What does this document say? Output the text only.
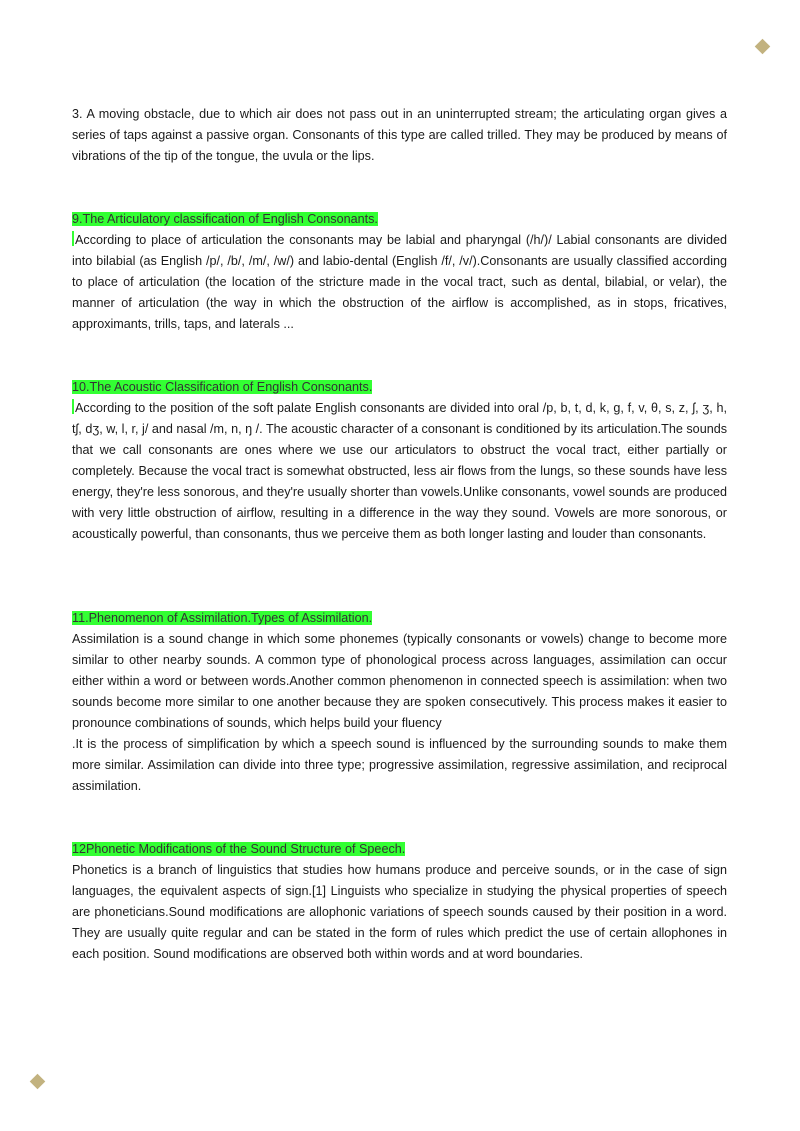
3. A moving obstacle, due to which air does not pass out in an uninterrupted stream; the articulating organ gives a series of taps against a passive organ. Consonants of this type are called trilled. They may be produced by means of vibrations of the tip of the tongue, the uvula or the lips.

9.The Articulatory classification of English Consonants.

According to place of articulation the consonants may be labial and pharyngal (/h/)/ Labial consonants are divided into bilabial (as English /p/, /b/, /m/, /w/) and labio-dental (English /f/, /v/).Consonants are usually classified according to place of articulation (the location of the stricture made in the vocal tract, such as dental, bilabial, or velar), the manner of articulation (the way in which the obstruction of the airflow is accomplished, as in stops, fricatives, approximants, trills, taps, and laterals ...

10.The Acoustic Classification of English Consonants.

According to the position of the soft palate English consonants are divided into oral /p, b, t, d, k, g, f, v, θ, s, z, ʃ, ʒ, h, tʃ, dʒ, w, l, r, j/ and nasal /m, n, ŋ /. The acoustic character of a consonant is conditioned by its articulation.The sounds that we call consonants are ones where we use our articulators to obstruct the vocal tract, either partially or completely. Because the vocal tract is somewhat obstructed, less air flows from the lungs, so these sounds have less energy, they're less sonorous, and they're usually shorter than vowels.Unlike consonants, vowel sounds are produced with very little obstruction of airflow, resulting in a difference in the way they sound. Vowels are more sonorous, or acoustically powerful, than consonants, thus we perceive them as both longer lasting and louder than consonants.

11.Phenomenon of Assimilation.Types of Assimilation.

Assimilation is a sound change in which some phonemes (typically consonants or vowels) change to become more similar to other nearby sounds. A common type of phonological process across languages, assimilation can occur either within a word or between words.Another common phenomenon in connected speech is assimilation: when two sounds become more similar to one another because they are spoken consecutively. This process makes it easier to pronounce combinations of sounds, which helps build your fluency

.It is the process of simplification by which a speech sound is influenced by the surrounding sounds to make them more similar. Assimilation can divide into three type; progressive assimilation, regressive assimilation, and reciprocal assimilation.

12Phonetic Modifications of the Sound Structure of Speech.

Phonetics is a branch of linguistics that studies how humans produce and perceive sounds, or in the case of sign languages, the equivalent aspects of sign.[1] Linguists who specialize in studying the physical properties of speech are phoneticians.Sound modifications are allophonic variations of speech sounds caused by their position in a word. They are usually quite regular and can be stated in the form of rules which predict the use of certain allophones in each position. Sound modifications are observed both within words and at word boundaries.
